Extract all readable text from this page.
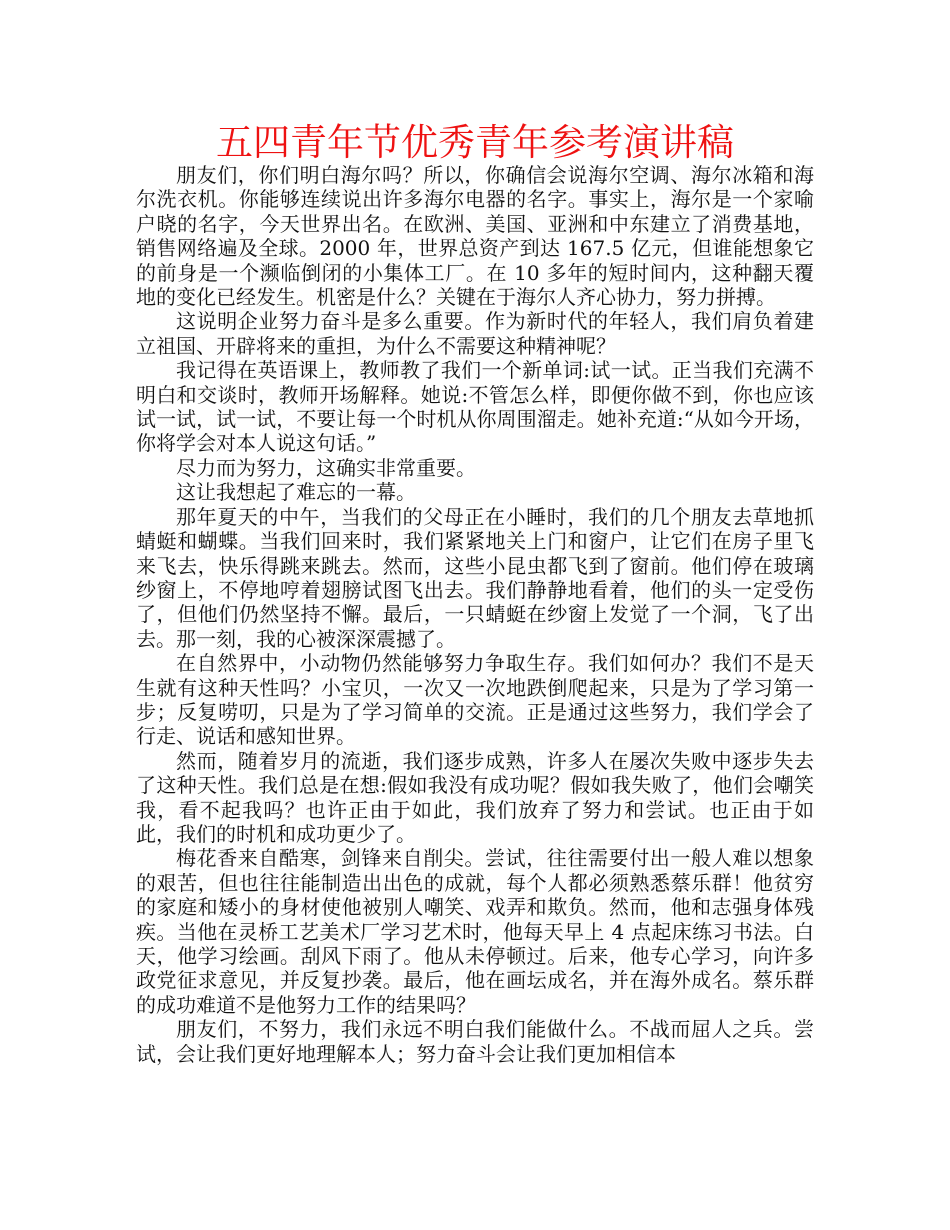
五四青年节优秀青年参考演讲稿

朋友们，你们明白海尔吗？所以，你确信会说海尔空调、海尔冰箱和海尔洗衣机。你能够连续说出许多海尔电器的名字。事实上，海尔是一个家喻户晓的名字，今天世界出名。在欧洲、美国、亚洲和中东建立了消费基地，销售网络遍及全球。2000 年，世界总资产到达 167.5 亿元，但谁能想象它的前身是一个濒临倒闭的小集体工厂。在 10 多年的短时间内，这种翻天覆地的变化已经发生。机密是什么？关键在于海尔人齐心协力，努力拼搏。

这说明企业努力奋斗是多么重要。作为新时代的年轻人，我们肩负着建立祖国、开辟将来的重担，为什么不需要这种精神呢？

我记得在英语课上，教师教了我们一个新单词:试一试。正当我们充满不明白和交谈时，教师开场解释。她说:不管怎么样，即便你做不到，你也应该试一试，试一试，不要让每一个时机从你周围溜走。她补充道:“从如今开场，你将学会对本人说这句话。”

尽力而为努力，这确实非常重要。

这让我想起了难忘的一幕。

那年夏天的中午，当我们的父母正在小睡时，我们的几个朋友去草地抓蜻蜓和蝴蝶。当我们回来时，我们紧紧地关上门和窗户，让它们在房子里飞来飞去，快乐得跳来跳去。然而，这些小昆虫都飞到了窗前。他们停在玻璃纱窗上，不停地哼着翅膀试图飞出去。我们静静地看着，他们的头一定受伤了，但他们仍然坚持不懈。最后，一只蜻蜓在纱窗上发觉了一个洞，飞了出去。那一刻，我的心被深深震撼了。

在自然界中，小动物仍然能够努力争取生存。我们如何办？我们不是天生就有这种天性吗？小宝贝，一次又一次地跌倒爬起来，只是为了学习第一步；反复唠叨，只是为了学习简单的交流。正是通过这些努力，我们学会了行走、说话和感知世界。

然而，随着岁月的流逝，我们逐步成熟，许多人在屡次失败中逐步失去了这种天性。我们总是在想:假如我没有成功呢？假如我失败了，他们会嘲笑我，看不起我吗？也许正由于如此，我们放弃了努力和尝试。也正由于如此，我们的时机和成功更少了。

梅花香来自酷寒，剑锋来自削尖。尝试，往往需要付出一般人难以想象的艰苦，但也往往能制造出出色的成就，每个人都必须熟悉蔡乐群！他贫穷的家庭和矮小的身材使他被别人嘲笑、戏弄和欺负。然而，他和志强身体残疾。当他在灵桥工艺美术厂学习艺术时，他每天早上 4 点起床练习书法。白天，他学习绘画。刮风下雨了。他从未停顿过。后来，他专心学习，向许多政党征求意见，并反复抄袭。最后，他在画坛成名，并在海外成名。蔡乐群的成功难道不是他努力工作的结果吗？

朋友们，不努力，我们永远不明白我们能做什么。不战而屈人之兵。尝试，会让我们更好地理解本人；努力奋斗会让我们更加相信本
